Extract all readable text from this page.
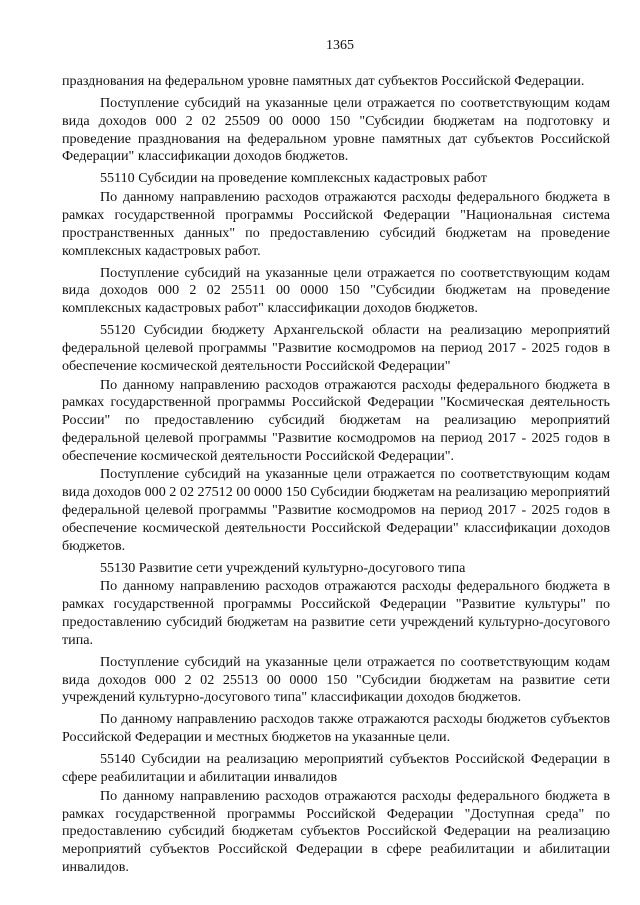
1365

празднования на федеральном уровне памятных дат субъектов Российской Федерации.

Поступление субсидий на указанные цели отражается по соответствующим кодам вида доходов 000 2 02 25509 00 0000 150 "Субсидии бюджетам на подготовку и проведение празднования на федеральном уровне памятных дат субъектов Российской Федерации" классификации доходов бюджетов.

55110 Субсидии на проведение комплексных кадастровых работ

По данному направлению расходов отражаются расходы федерального бюджета в рамках государственной программы Российской Федерации "Национальная система пространственных данных" по предоставлению субсидий бюджетам на проведение комплексных кадастровых работ.

Поступление субсидий на указанные цели отражается по соответствующим кодам вида доходов 000 2 02 25511 00 0000 150 "Субсидии бюджетам на проведение комплексных кадастровых работ" классификации доходов бюджетов.

55120 Субсидии бюджету Архангельской области на реализацию мероприятий федеральной целевой программы "Развитие космодромов на период 2017 - 2025 годов в обеспечение космической деятельности Российской Федерации"

По данному направлению расходов отражаются расходы федерального бюджета в рамках государственной программы Российской Федерации "Космическая деятельность России" по предоставлению субсидий бюджетам на реализацию мероприятий федеральной целевой программы "Развитие космодромов на период 2017 - 2025 годов в обеспечение космической деятельности Российской Федерации".

Поступление субсидий на указанные цели отражается по соответствующим кодам вида доходов 000 2 02 27512 00 0000 150 Субсидии бюджетам на реализацию мероприятий федеральной целевой программы "Развитие космодромов на период 2017 - 2025 годов в обеспечение космической деятельности Российской Федерации" классификации доходов бюджетов.

55130 Развитие сети учреждений культурно-досугового типа

По данному направлению расходов отражаются расходы федерального бюджета в рамках государственной программы Российской Федерации "Развитие культуры" по предоставлению субсидий бюджетам на развитие сети учреждений культурно-досугового типа.

Поступление субсидий на указанные цели отражается по соответствующим кодам вида доходов 000 2 02 25513 00 0000 150 "Субсидии бюджетам на развитие сети учреждений культурно-досугового типа" классификации доходов бюджетов.

По данному направлению расходов также отражаются расходы бюджетов субъектов Российской Федерации и местных бюджетов на указанные цели.

55140 Субсидии на реализацию мероприятий субъектов Российской Федерации в сфере реабилитации и абилитации инвалидов

По данному направлению расходов отражаются расходы федерального бюджета в рамках государственной программы Российской Федерации "Доступная среда" по предоставлению субсидий бюджетам субъектов Российской Федерации на реализацию мероприятий субъектов Российской Федерации в сфере реабилитации и абилитации инвалидов.
